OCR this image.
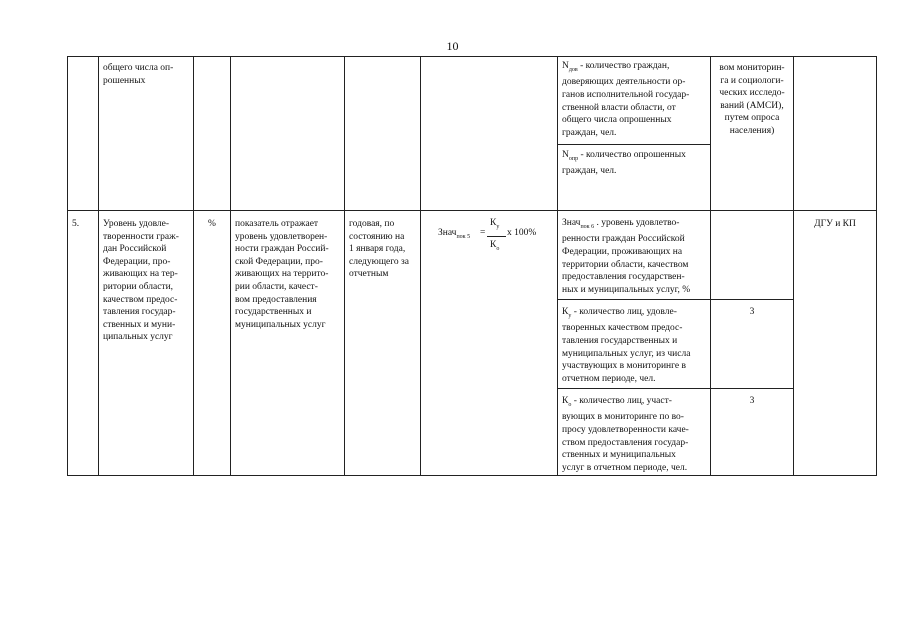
10
общего числа оп-
рошенных
$N_{дов}$ - количество граждан,
доверяющих деятельности ор-
ганов исполнительной государ-
ственной власти области, от
общего числа опрошенных
граждан, чел.
вом мониторин-
га и социологи-
ческих исследо-
ваний (АМСИ),
путем опроса
населения)
$N_{опр}$ - количество опрошенных
граждан, чел.
5.	Уровень удовле-
творенности граж-
дан Российской
Федерации, про-
живающих на тер-
ритории области,
качеством предос-
тавления государ-
ственных и муни-
ципальных услуг
%	показатель отражает
уровень удовлетворен-
ности граждан Россий-
ской Федерации, про-
живающих на террито-
рии области, качест-
вом предоставления
государственных и
муниципальных услуг
годовая, по
состоянию на
1 января года,
следующего за
отчетным
Знач$_{пок 5}$ =
$К_у$
$К_о$
х 100%
Знач$_{пок 6}$ . уровень удовлетво-
ренности граждан Российской
Федерации, проживающих на
территории области, качеством
предоставления государствен-
ных и муниципальных услуг, %
$К_у$ - количество лиц, удовле-
творенных качеством предос-
тавления государственных и
муниципальных услуг, из числа
участвующих в мониторинге в
отчетном периоде, чел.
3
$К_о$ - количество лиц, участ-
вующих в мониторинге по во-
просу удовлетворенности каче-
ством предоставления государ-
ственных и муниципальных
услуг в отчетном периоде, чел.
3
ДГУ и КП
